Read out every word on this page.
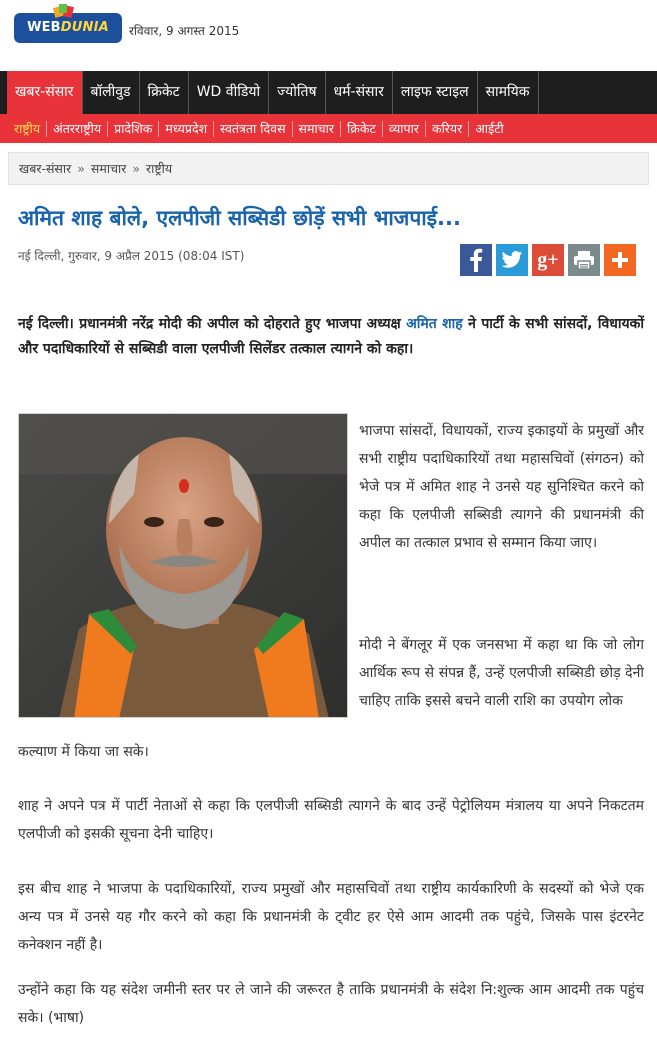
WEBDUNIA	रविवार, 9 अगस्त 2015
खबर-संसार	बॉलीवुड	क्रिकेट	WD वीडियो	ज्योतिष	धर्म-संसार	लाइफ स्‍टाइल	सामयिक
राष्ट्रीय	अंतरराष्ट्रीय	प्रादेशिक	मध्यप्रदेश	स्वतंत्रता दिवस	समाचार	क्रिकेट	व्यापार	करियर	आईटी
खबर-संसार » समाचार » राष्ट्रीय
अमित शाह बोले, एलपीजी सब्सिडी छोड़ें सभी भाजपाई...
नई दिल्ली, गुरुवार, 9 अप्रैल 2015 (08:04 IST)	g+

नई दिल्ली। प्रधानमंत्री नरेंद्र मोदी की अपील को दोहराते हुए भाजपा अध्यक्ष अमित शाह ने पार्टी के सभी सांसदों, विधायकों और पदाधिकारियों से सब्सिडी वाला एलपीजी सिलेंडर तत्काल त्यागने को कहा।

भाजपा सांसदों, विधायकों, राज्य इकाइयों के प्रमुखों और सभी राष्ट्रीय पदाधिकारियों तथा महासचिवों (संगठन) को भेजे पत्र में अमित शाह ने उनसे यह सुनिश्चित करने को कहा कि एलपीजी सब्सिडी त्यागने की प्रधानमंत्री की अपील का तत्काल प्रभाव से सम्मान किया जाए।

मोदी ने बेंगलूर में एक जनसभा में कहा था कि जो लोग आर्थिक रूप से संपन्न हैं, उन्हें एलपीजी सब्सिडी छोड़ देनी चाहिए ताकि इससे बचने वाली राशि का उपयोग लोक

कल्याण में किया जा सके।

शाह ने अपने पत्र में पार्टी नेताओं से कहा कि एलपीजी सब्सिडी त्यागने के बाद उन्हें पेट्रोलियम मंत्रालय या अपने निकटतम एलपीजी को इसकी सूचना देनी चाहिए।

इस बीच शाह ने भाजपा के पदाधिकारियों, राज्य प्रमुखों और महासचिवों तथा राष्ट्रीय कार्यकारिणी के सदस्यों को भेजे एक अन्य पत्र में उनसे यह गौर करने को कहा कि प्रधानमंत्री के ट्वीट हर ऐसे आम आदमी तक पहुंचे, जिसके पास इंटरनेट कनेक्शन नहीं है।

उन्होंने कहा कि यह संदेश जमीनी स्तर पर ले जाने की जरूरत है ताकि प्रधानमंत्री के संदेश नि:शुल्क आम आदमी तक पहुंच सके। (भाषा)
